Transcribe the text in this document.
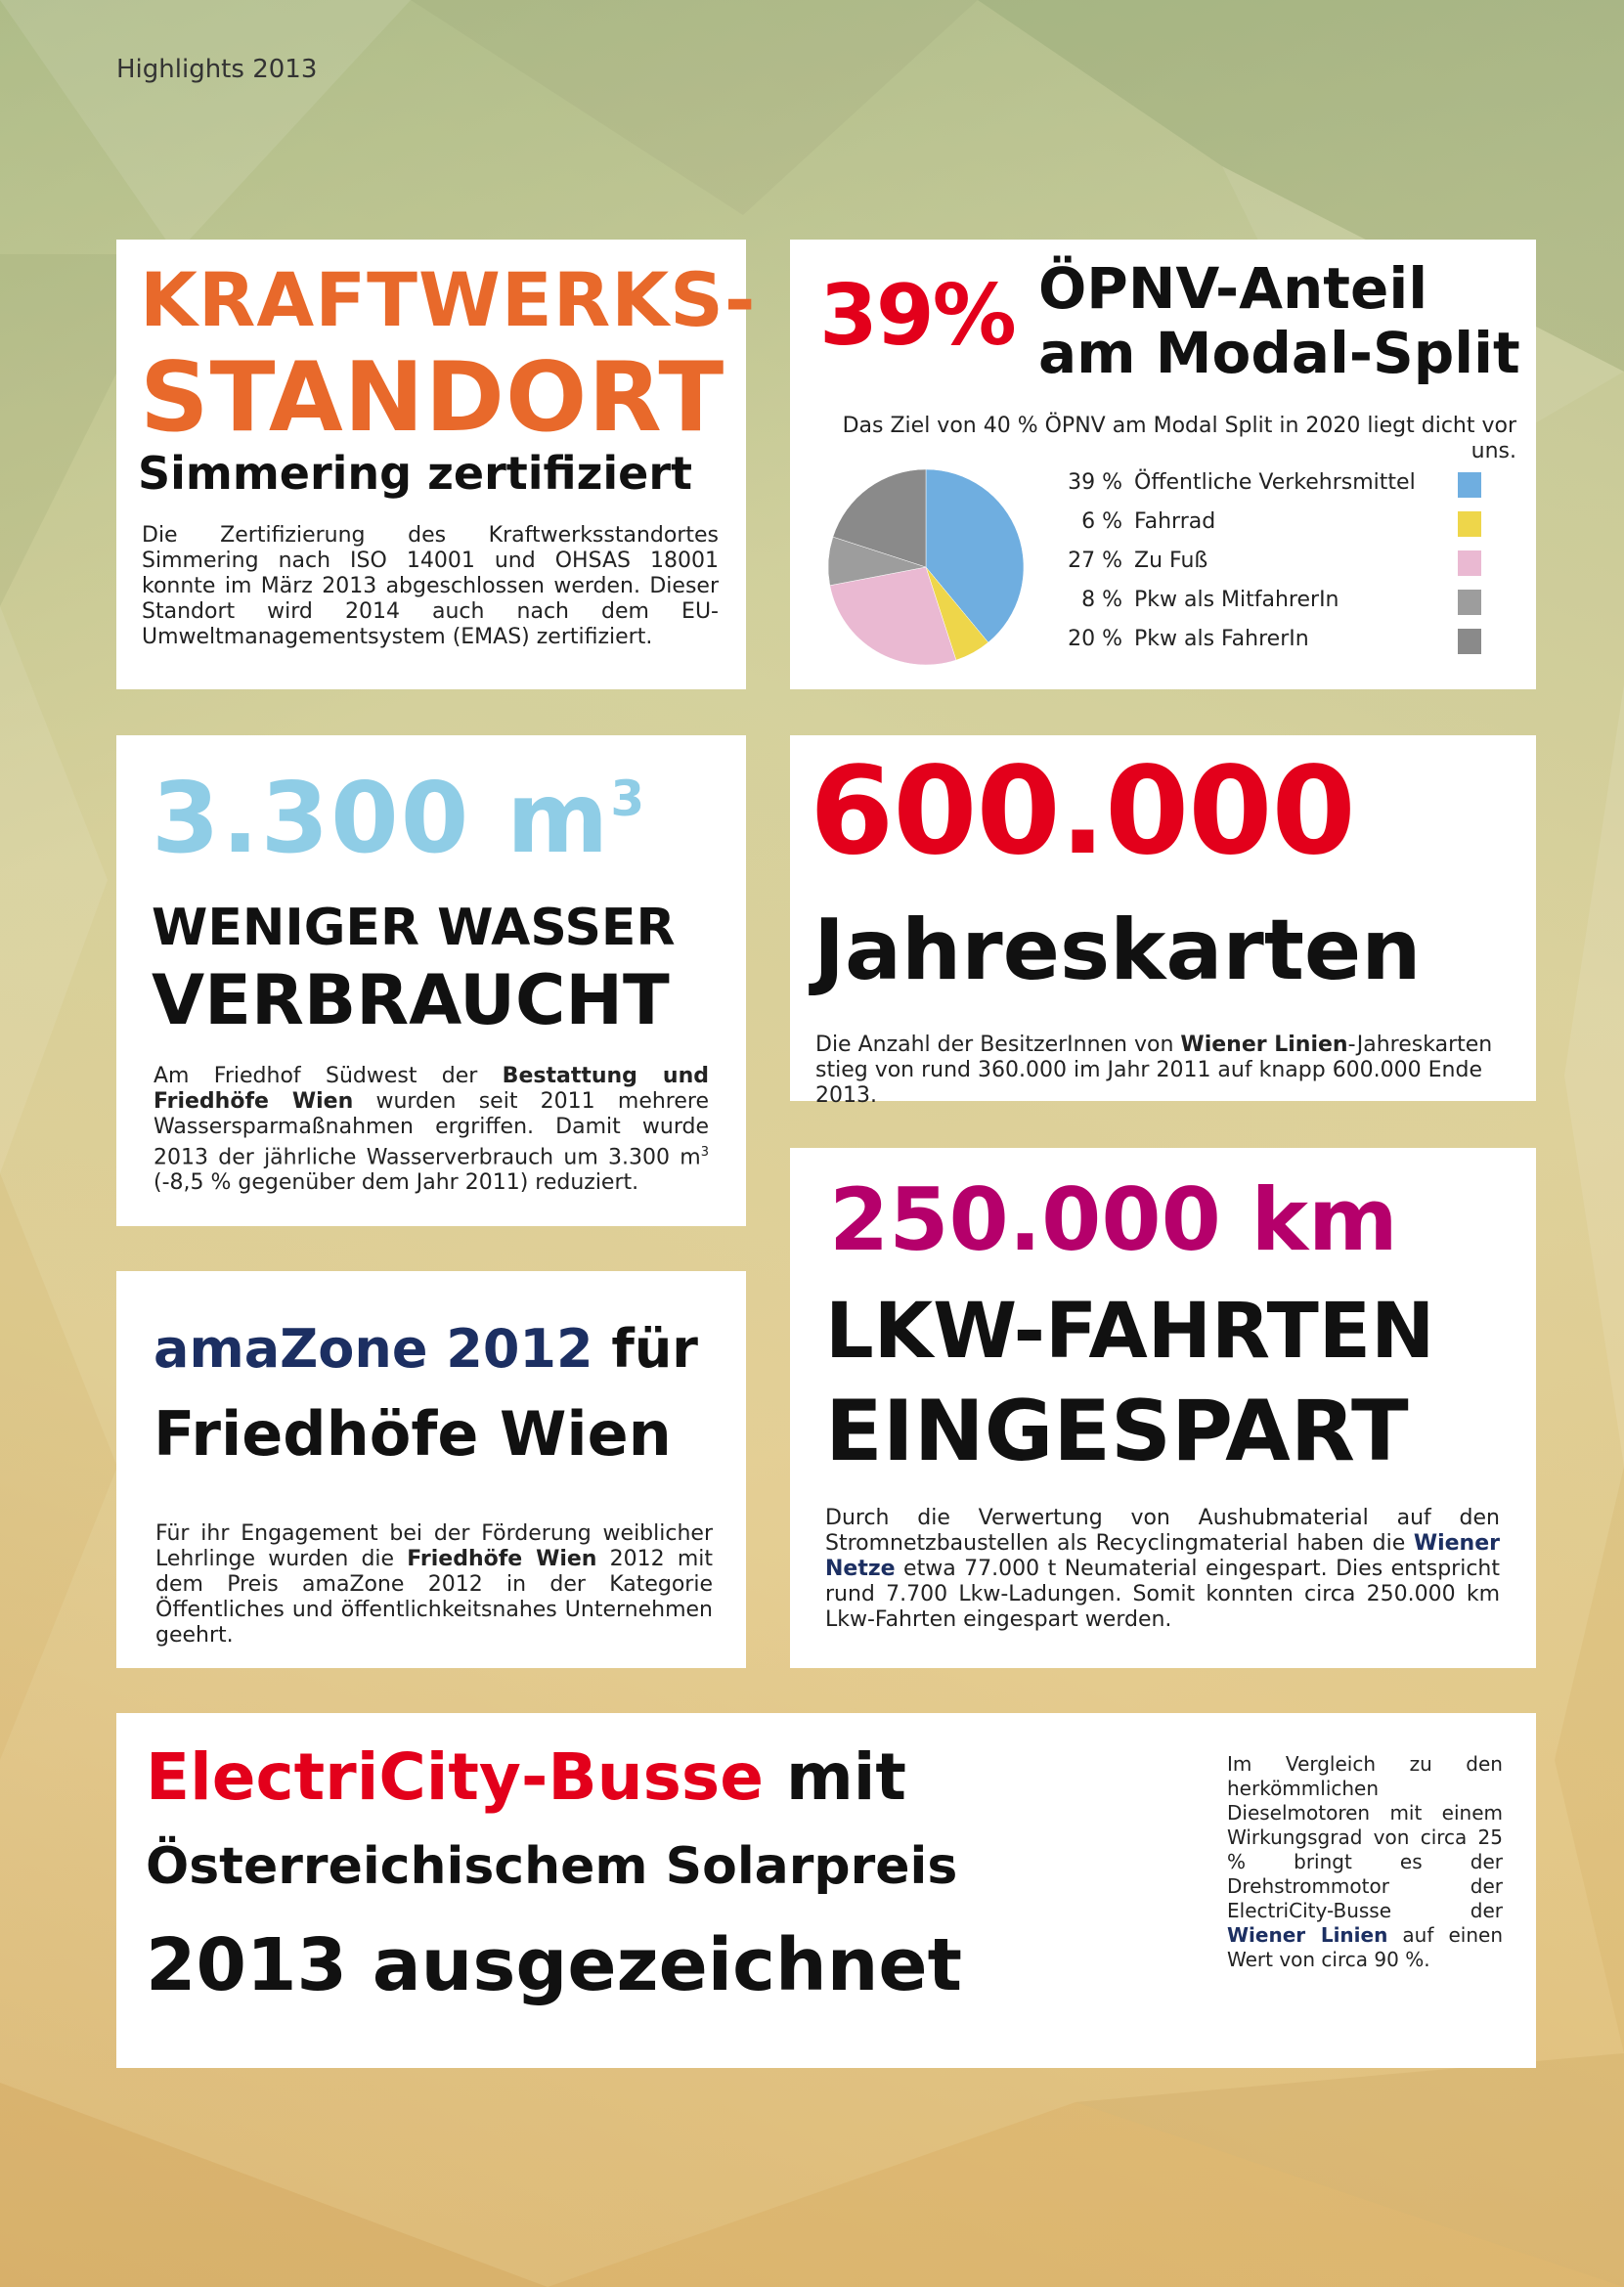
Highlights 2013
KRAFTWERKS-
STANDORT
Simmering zertifiziert
Die Zertifizierung des Kraftwerksstandortes Simmering nach ISO 14001 und OHSAS 18001 konnte im März 2013 abgeschlossen werden. Dieser Standort wird 2014 auch nach dem EU-Umweltmanagementsystem (EMAS) zertifiziert.
39% ÖPNV-Anteil
am Modal-Split
Das Ziel von 40 % ÖPNV am Modal Split in 2020 liegt dicht vor uns.
39 % Öffentliche Verkehrsmittel
6 % Fahrrad
27 % Zu Fuß
8 % Pkw als MitfahrerIn
20 % Pkw als FahrerIn
3.300 $m^3$
WENIGER WASSER
VERBRAUCHT
Am Friedhof Südwest der Bestattung und Friedhöfe Wien wurden seit 2011 mehrere Wassersparmaßnahmen ergriffen. Damit wurde 2013 der jährliche Wasserverbrauch um 3.300 $m^3$ (-8,5 % gegenüber dem Jahr 2011) reduziert.
600.000
Jahreskarten
Die Anzahl der BesitzerInnen von Wiener Linien-Jahreskarten stieg von rund 360.000 im Jahr 2011 auf knapp 600.000 Ende 2013.
amaZone 2012 für
Friedhöfe Wien
Für ihr Engagement bei der Förderung weiblicher Lehrlinge wurden die Friedhöfe Wien 2012 mit dem Preis amaZone 2012 in der Kategorie Öffentliches und öffentlichkeitsnahes Unternehmen geehrt.
250.000 km
LKW-FAHRTEN
EINGESPART
Durch die Verwertung von Aushubmaterial auf den Stromnetzbaustellen als Recyclingmaterial haben die Wiener Netze etwa 77.000 t Neumaterial eingespart. Dies entspricht rund 7.700 Lkw-Ladungen. Somit konnten circa 250.000 km Lkw-Fahrten eingespart werden.
ElectriCity-Busse mit
Österreichischem Solarpreis
2013 ausgezeichnet
Im Vergleich zu den herkömmlichen Dieselmotoren mit einem Wirkungsgrad von circa 25 % bringt es der Drehstrommotor der ElectriCity-Busse der Wiener Linien auf einen Wert von circa 90 %.
